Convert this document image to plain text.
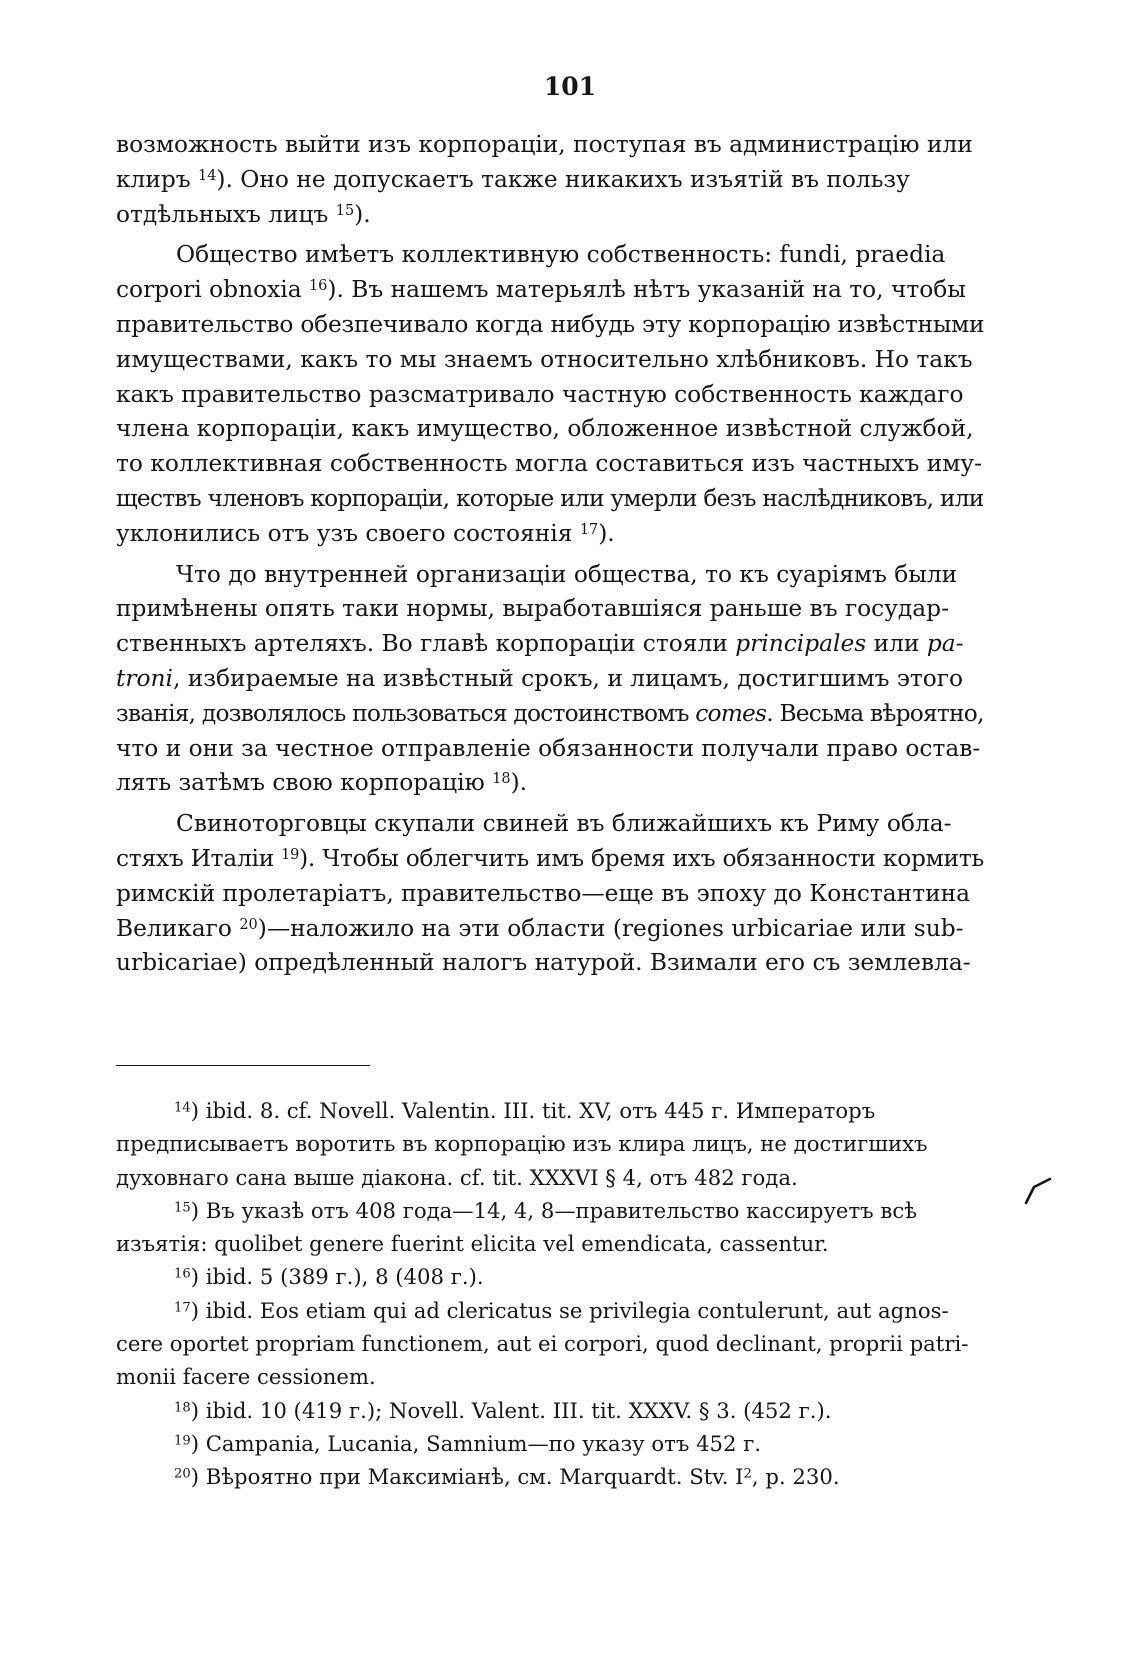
101
возможность выйти изъ корпораціи, поступая въ администрацію или
клиръ $^{14}$). Оно не допускаетъ также никакихъ изъятій въ пользу
отдѣльныхъ лицъ $^{15}$).
Общество имѣетъ коллективную собственность: fundi, praedia
corpori obnoxia $^{16}$). Въ нашемъ матерьялѣ нѣтъ указаній на то, чтобы
правительство обезпечивало когда нибудь эту корпорацію извѣстными
имуществами, какъ то мы знаемъ относительно хлѣбниковъ. Но такъ
какъ правительство разсматривало частную собственность каждаго
члена корпораціи, какъ имущество, обложенное извѣстной службой,
то коллективная собственность могла составиться изъ частныхъ иму-
ществъ членовъ корпораціи, которые или умерли безъ наслѣдниковъ, или
уклонились отъ узъ своего состоянія $^{17}$).
Что до внутренней организаціи общества, то къ суаріямъ были
примѣнены опять таки нормы, выработавшіяся раньше въ государ-
ственныхъ артеляхъ. Во главѣ корпораціи стояли principales или pa-
troni, избираемые на извѣстный срокъ, и лицамъ, достигшимъ этого
званія, дозволялось пользоваться достоинствомъ comes. Весьма вѣроятно,
что и они за честное отправленіе обязанности получали право остав-
лять затѣмъ свою корпорацію $^{18}$).
Свиноторговцы скупали свиней въ ближайшихъ къ Риму обла-
стяхъ Италіи $^{19}$). Чтобы облегчить имъ бремя ихъ обязанности кормить
римскій пролетаріатъ, правительство—еще въ эпоху до Константина
Великаго $^{20}$)—наложило на эти области (regiones urbicariae или sub-
urbicariae) опредѣленный налогъ натурой. Взимали его съ землевла-
$^{14}$) ibid. 8. cf. Novell. Valentin. III. tit. XV, отъ 445 г. Императоръ
предписываетъ воротить въ корпорацію изъ клира лицъ, не достигшихъ
духовнаго сана выше діакона. cf. tit. XXXVI § 4, отъ 482 года.
$^{15}$) Въ указѣ отъ 408 года—14, 4, 8—правительство кассируетъ всѣ
изъятія: quolibet genere fuerint elicita vel emendicata, cassentur.
$^{16}$) ibid. 5 (389 г.), 8 (408 г.).
$^{17}$) ibid. Eos etiam qui ad clericatus se privilegia contulerunt, aut agnos-
cere oportet propriam functionem, aut ei corpori, quod declinant, proprii patri-
monii facere cessionem.
$^{18}$) ibid. 10 (419 г.); Novell. Valent. III. tit. XXXV. § 3. (452 г.).
$^{19}$) Campania, Lucania, Samnium—по указу отъ 452 г.
$^{20}$) Вѣроятно при Максиміанѣ, см. Marquardt. Stv. $I^2$, p. 230.
